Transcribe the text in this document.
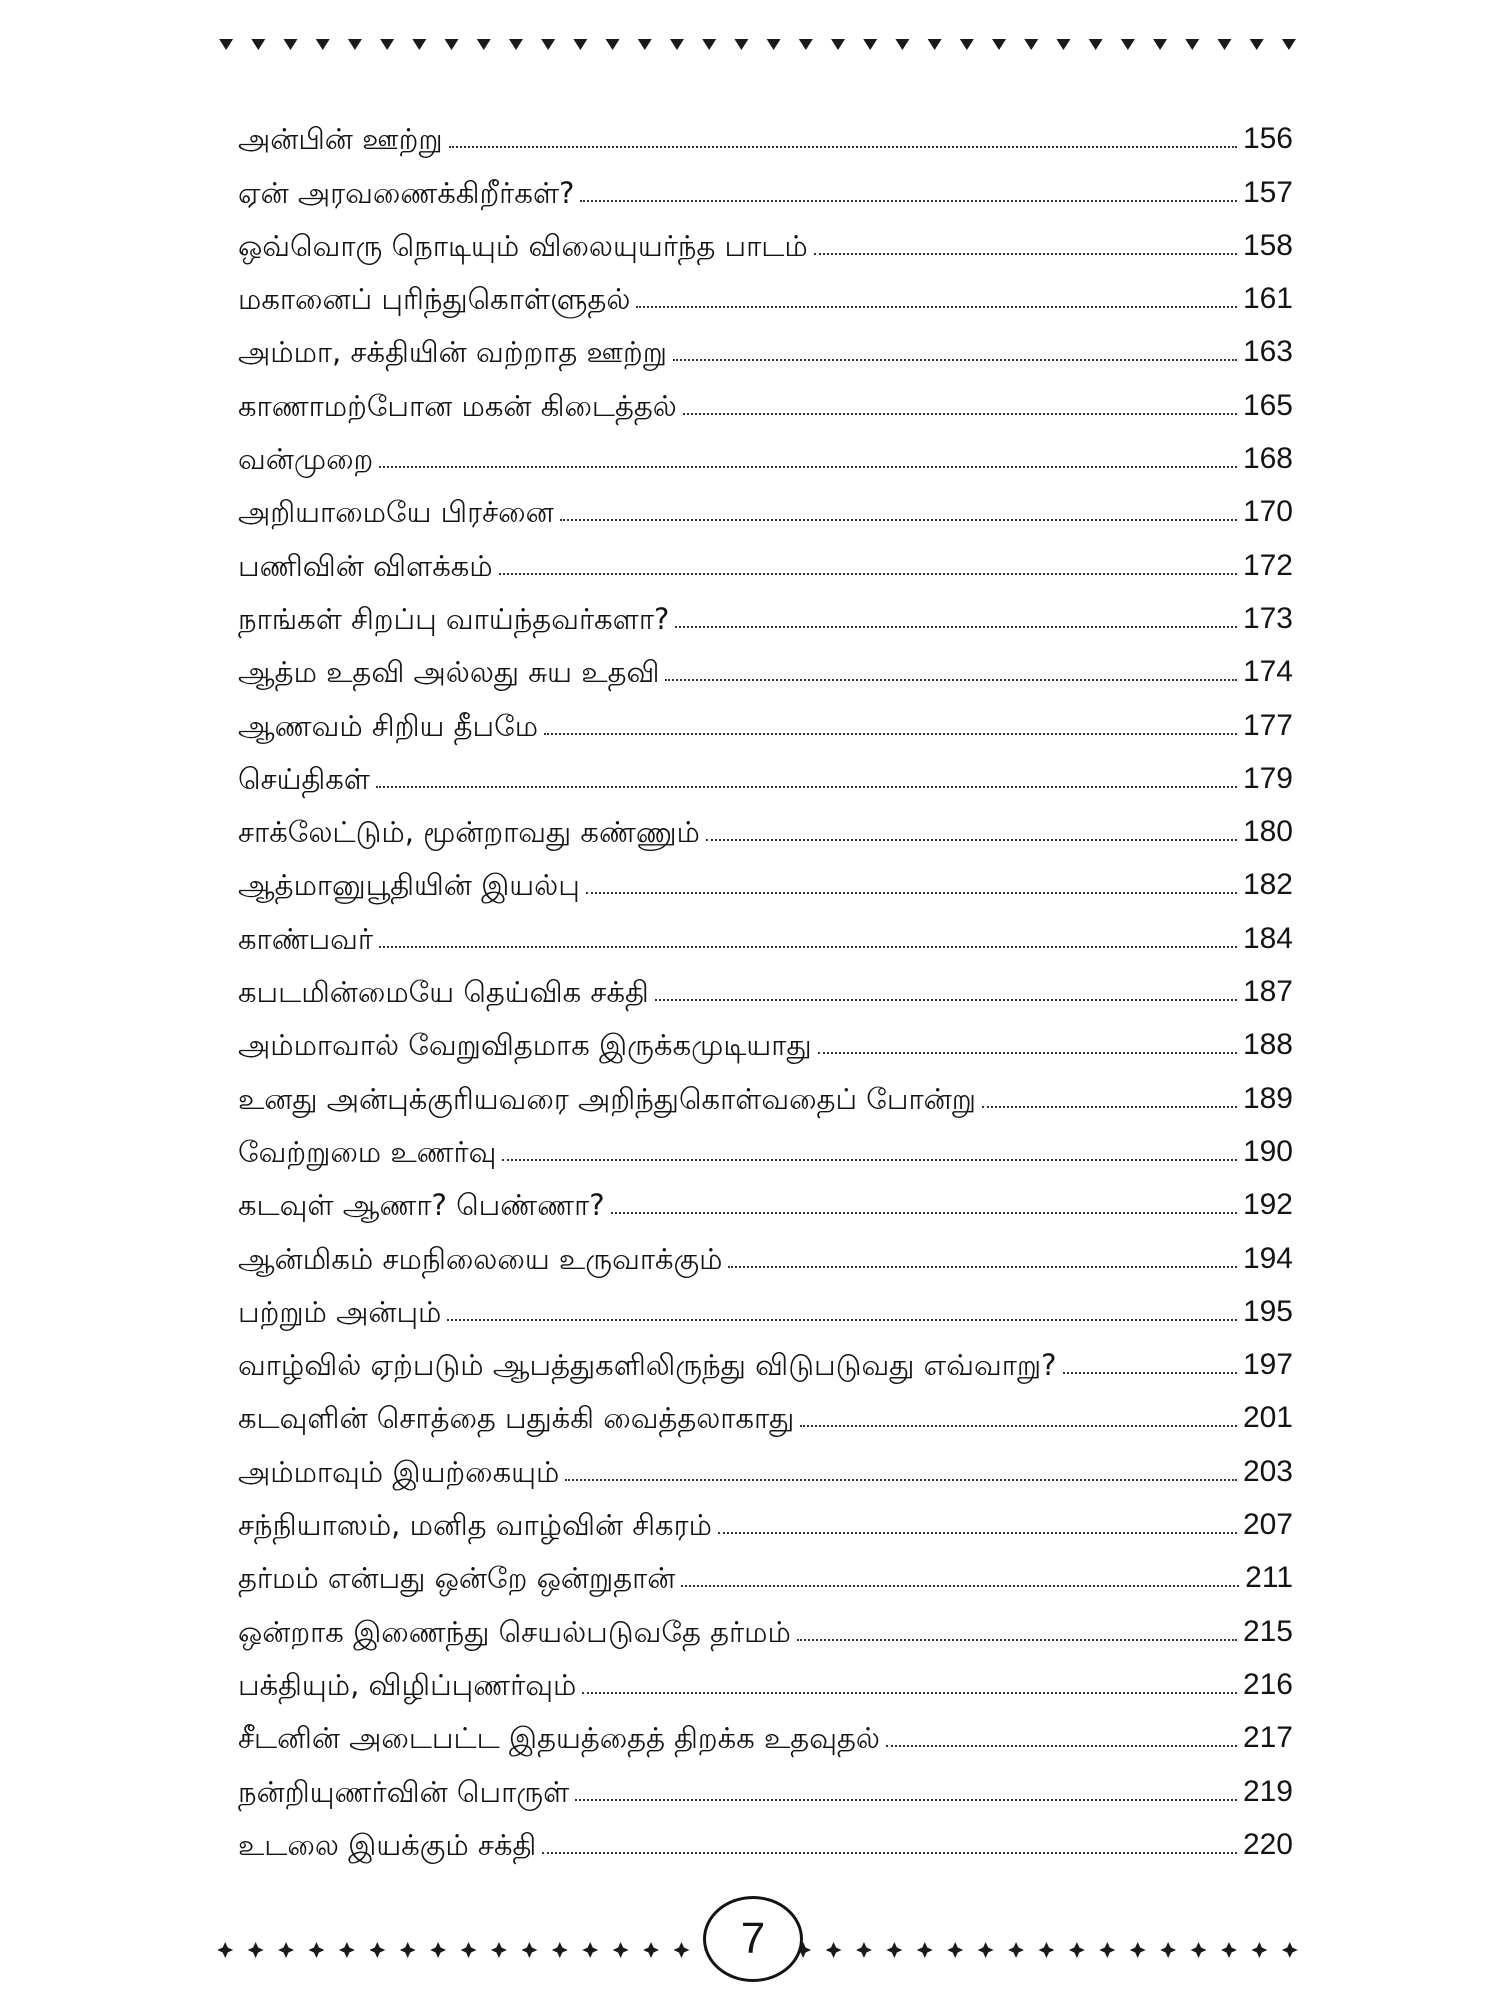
அன்பின் ஊற்று	156
ஏன் அரவணைக்கிறீர்கள்?	157
ஒவ்வொரு நொடியும் விலையுயர்ந்த பாடம்	158
மகானைப் புரிந்துகொள்ளுதல்	161
அம்மா, சக்தியின் வற்றாத ஊற்று	163
காணாமற்போன மகன் கிடைத்தல்	165
வன்முறை	168
அறியாமையே பிரச்னை	170
பணிவின் விளக்கம்	172
நாங்கள் சிறப்பு வாய்ந்தவர்களா?	173
ஆத்ம உதவி அல்லது சுய உதவி	174
ஆணவம் சிறிய தீபமே	177
செய்திகள்	179
சாக்லேட்டும், மூன்றாவது கண்ணும்	180
ஆத்மானுபூதியின் இயல்பு	182
காண்பவர்	184
கபடமின்மையே தெய்விக சக்தி	187
அம்மாவால் வேறுவிதமாக இருக்கமுடியாது	188
உனது அன்புக்குரியவரை அறிந்துகொள்வதைப் போன்று	189
வேற்றுமை உணர்வு	190
கடவுள் ஆணா? பெண்ணா?	192
ஆன்மிகம் சமநிலையை உருவாக்கும்	194
பற்றும் அன்பும்	195
வாழ்வில் ஏற்படும் ஆபத்துகளிலிருந்து விடுபடுவது எவ்வாறு?	197
கடவுளின் சொத்தை பதுக்கி வைத்தலாகாது	201
அம்மாவும் இயற்கையும்	203
சந்நியாஸம், மனித வாழ்வின் சிகரம்	207
தர்மம் என்பது ஒன்றே ஒன்றுதான்	211
ஒன்றாக இணைந்து செயல்படுவதே தர்மம்	215
பக்தியும், விழிப்புணர்வும்	216
சீடனின் அடைபட்ட இதயத்தைத் திறக்க உதவுதல்	217
நன்றியுணர்வின் பொருள்	219
உடலை இயக்கும் சக்தி	220
7
